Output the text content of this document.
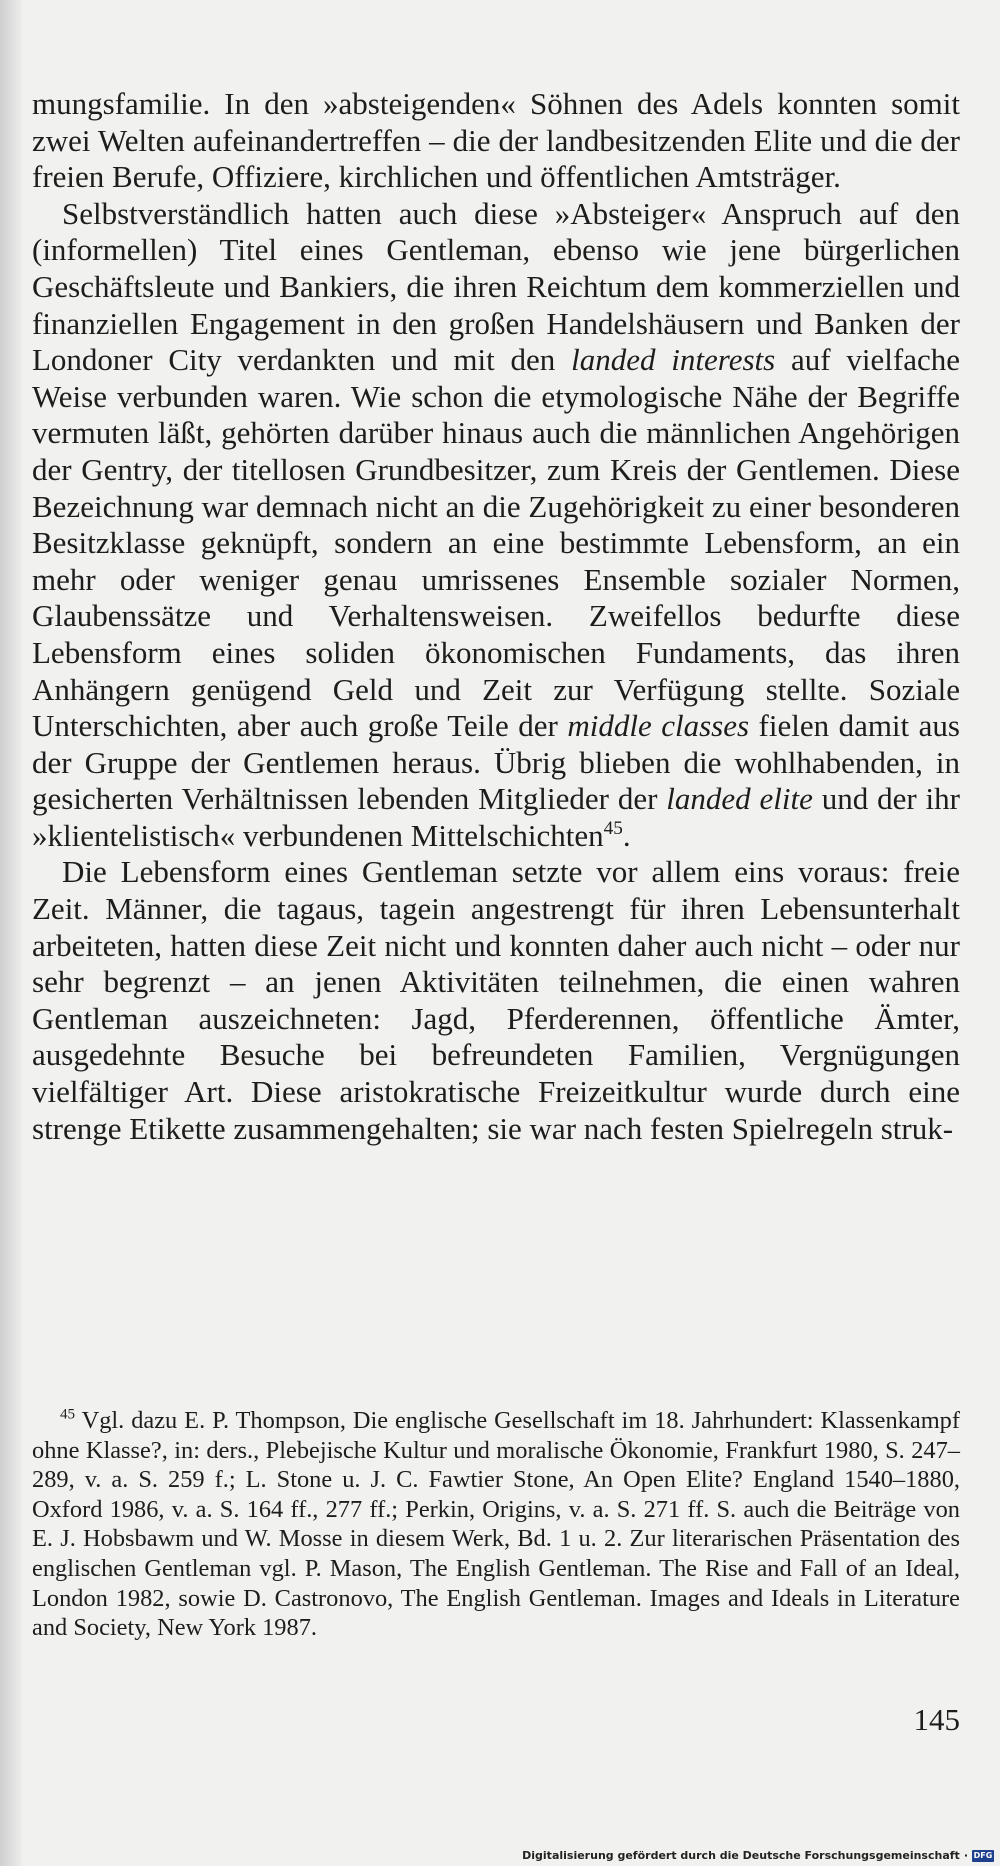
mungsfamilie. In den »absteigenden« Söhnen des Adels konnten somit zwei Welten aufeinandertreffen – die der landbesitzenden Elite und die der freien Berufe, Offiziere, kirchlichen und öffentlichen Amtsträger.

Selbstverständlich hatten auch diese »Absteiger« Anspruch auf den (informellen) Titel eines Gentleman, ebenso wie jene bürgerlichen Geschäftsleute und Bankiers, die ihren Reichtum dem kommerziellen und finanziellen Engagement in den großen Handelshäusern und Banken der Londoner City verdankten und mit den landed interests auf vielfache Weise verbunden waren. Wie schon die etymologische Nähe der Begriffe vermuten läßt, gehörten darüber hinaus auch die männlichen Angehörigen der Gentry, der titellosen Grundbesitzer, zum Kreis der Gentlemen. Diese Bezeichnung war demnach nicht an die Zugehörigkeit zu einer besonderen Besitzklasse geknüpft, sondern an eine bestimmte Lebensform, an ein mehr oder weniger genau umrissenes Ensemble sozialer Normen, Glaubenssätze und Verhaltensweisen. Zweifellos bedurfte diese Lebensform eines soliden ökonomischen Fundaments, das ihren Anhängern genügend Geld und Zeit zur Verfügung stellte. Soziale Unterschichten, aber auch große Teile der middle classes fielen damit aus der Gruppe der Gentlemen heraus. Übrig blieben die wohlhabenden, in gesicherten Verhältnissen lebenden Mitglieder der landed elite und der ihr »klientelistisch« verbundenen Mittelschichten$^{45}$.

Die Lebensform eines Gentleman setzte vor allem eins voraus: freie Zeit. Männer, die tagaus, tagein angestrengt für ihren Lebensunterhalt arbeiteten, hatten diese Zeit nicht und konnten daher auch nicht – oder nur sehr begrenzt – an jenen Aktivitäten teilnehmen, die einen wahren Gentleman auszeichneten: Jagd, Pferderennen, öffentliche Ämter, ausgedehnte Besuche bei befreundeten Familien, Vergnügungen vielfältiger Art. Diese aristokratische Freizeitkultur wurde durch eine strenge Etikette zusammengehalten; sie war nach festen Spielregeln struk-

$^{45}$ Vgl. dazu E. P. Thompson, Die englische Gesellschaft im 18. Jahrhundert: Klassenkampf ohne Klasse?, in: ders., Plebejische Kultur und moralische Ökonomie, Frankfurt 1980, S. 247–289, v. a. S. 259 f.; L. Stone u. J. C. Fawtier Stone, An Open Elite? England 1540–1880, Oxford 1986, v. a. S. 164 ff., 277 ff.; Perkin, Origins, v. a. S. 271 ff. S. auch die Beiträge von E. J. Hobsbawm und W. Mosse in diesem Werk, Bd. 1 u. 2. Zur literarischen Präsentation des englischen Gentleman vgl. P. Mason, The English Gentleman. The Rise and Fall of an Ideal, London 1982, sowie D. Castronovo, The English Gentleman. Images and Ideals in Literature and Society, New York 1987.

145
Digitalisierung gefördert durch die Deutsche Forschungsgemeinschaft · DFG
